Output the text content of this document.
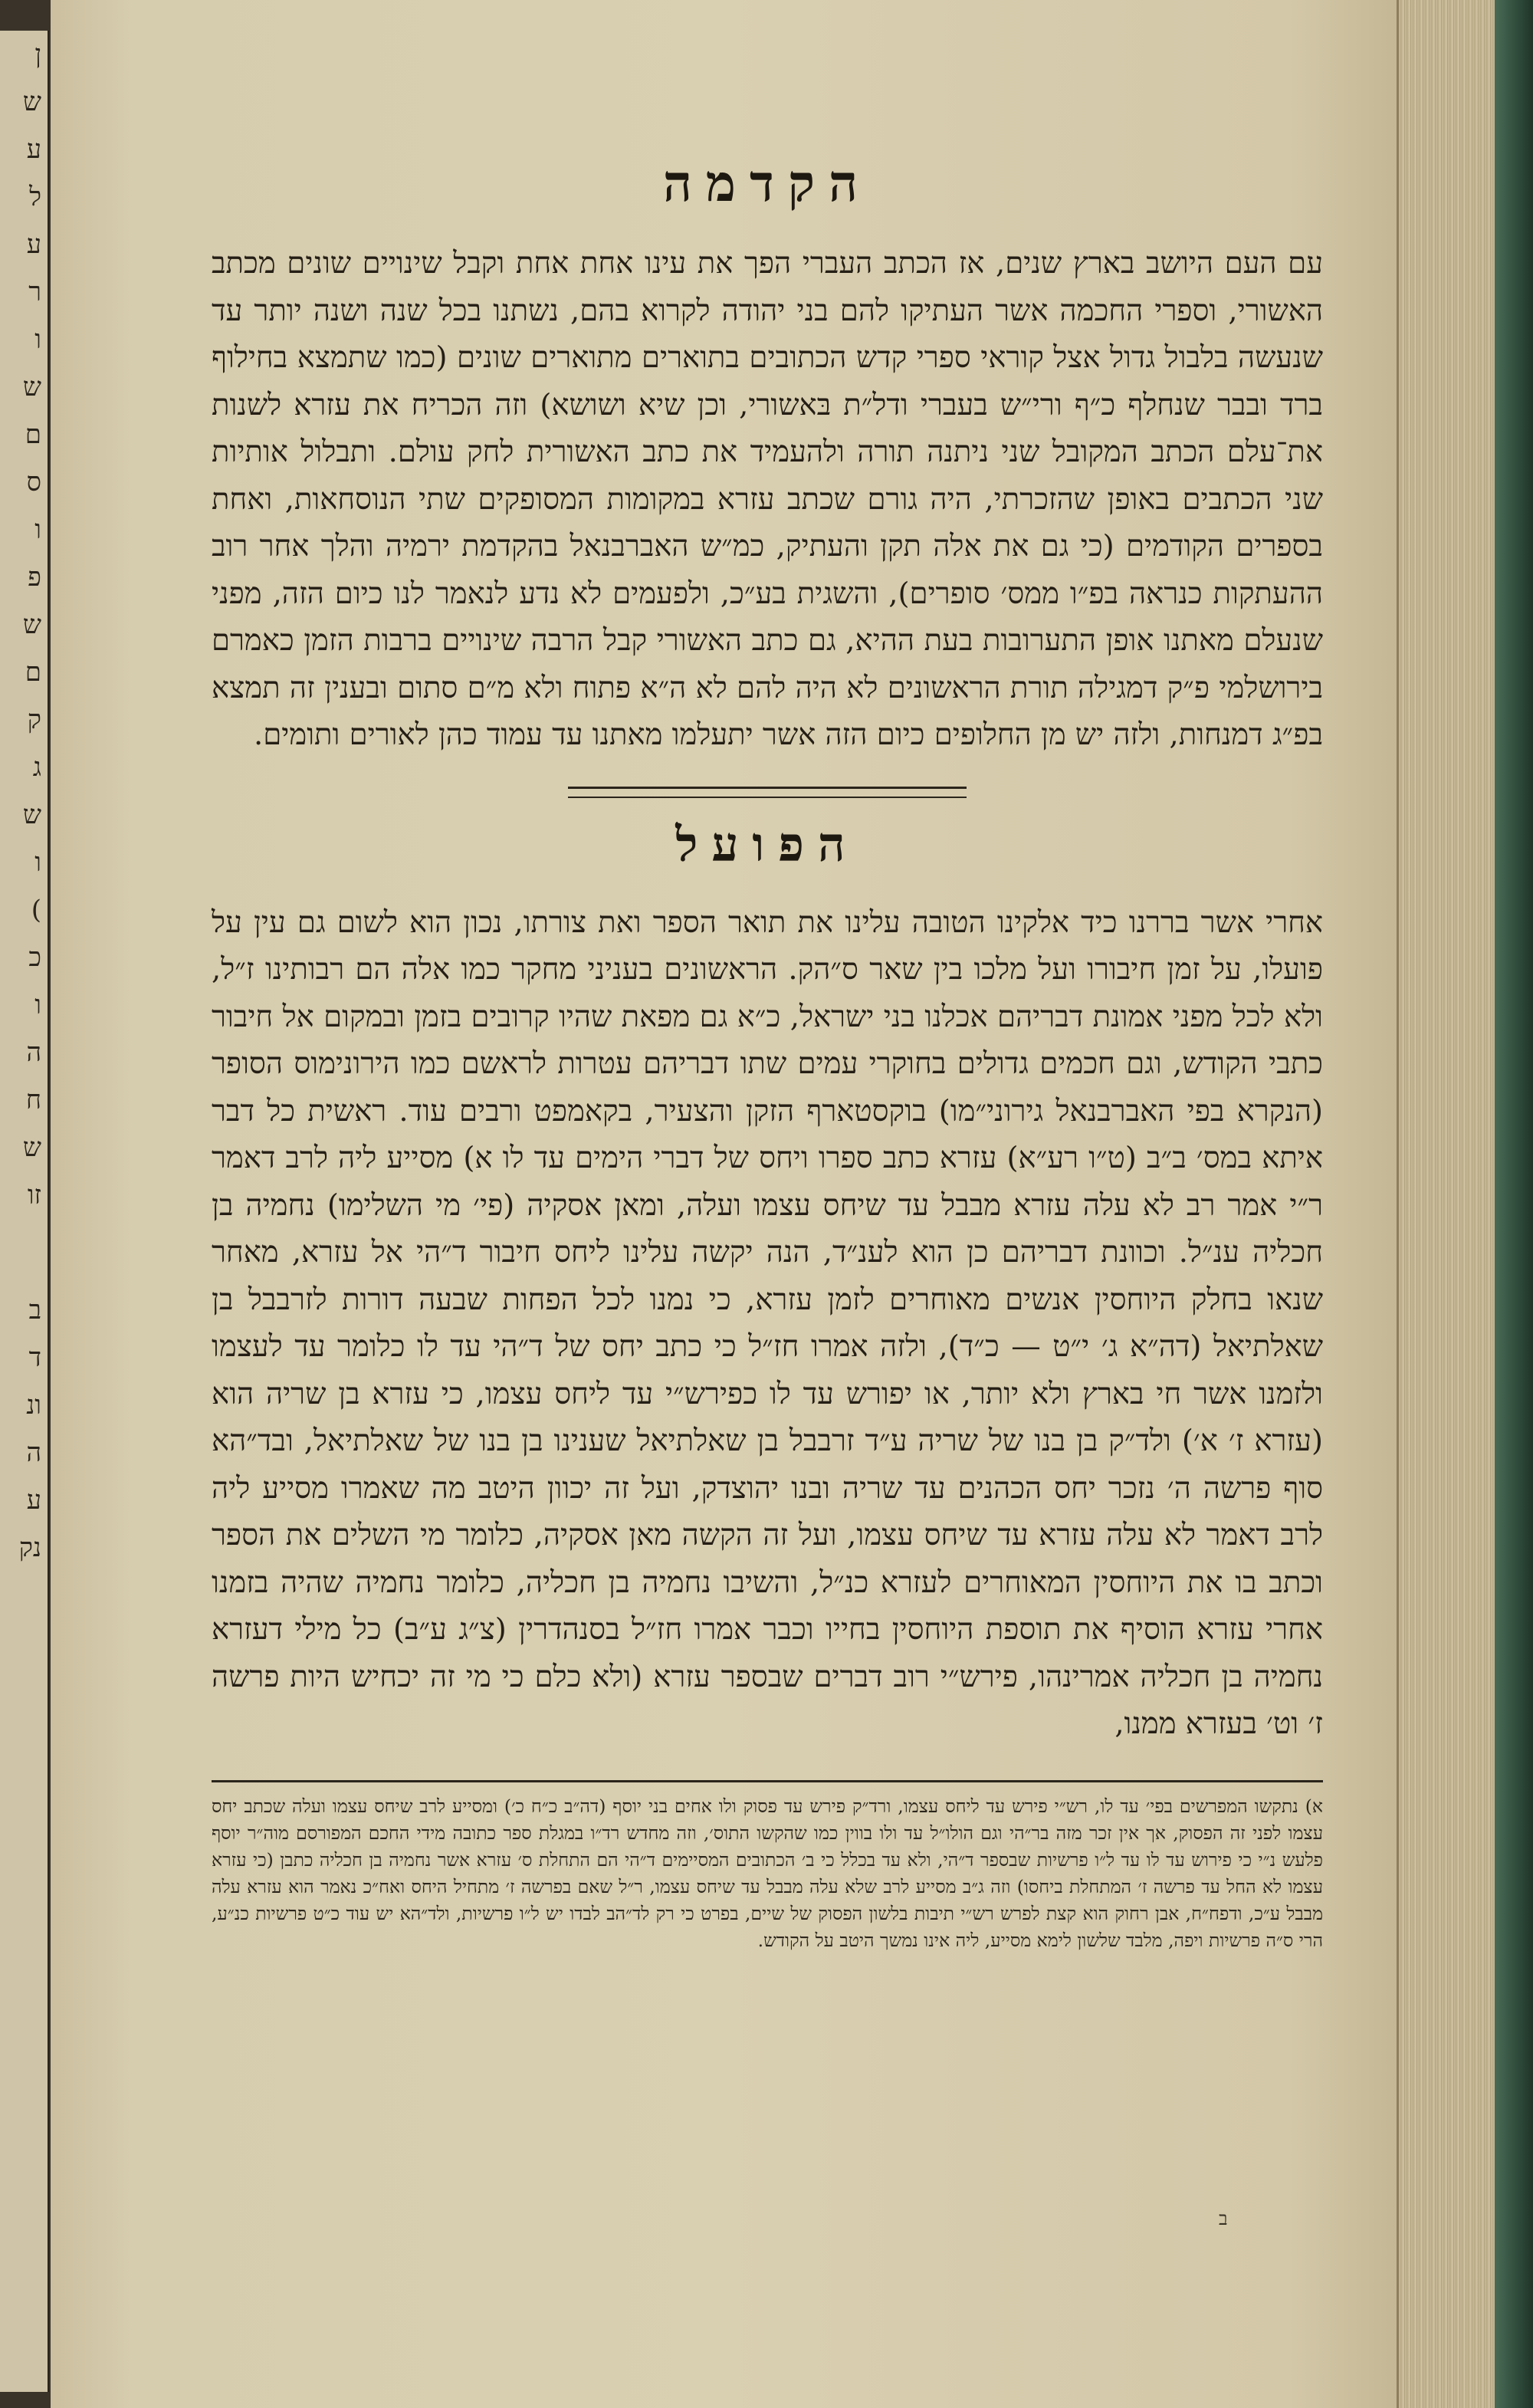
ן
ש
ע
ל
ע
ר
ו
ש
ם
ס
ו
פ
ש
ם
ק
ג
ש
ו
(
כ
ו
ה
ח
ש
זו
ב
ד
ונ
ה
ע
נק
הקדמה

עם העם היושב בארץ שנים, אז הכתב העברי הפך את עינו אחת אחת וקבל שינויים שונים מכתב האשורי, וספרי החכמה אשר העתיקו להם בני יהודה לקרוא בהם, נשתנו בכל שנה ושנה יותר עד שנעשה בלבול גדול אצל קוראי ספרי קדש הכתובים בתוארים מתוארים שונים (כמו שתמצא בחילוף ברד ובבר שנחלף כ״ף ורי״ש בעברי ודל״ת בּאשורי, וכן שיא ושושא) וזה הכריח את עזרא לשנות את־עלם הכתב המקובל שני ניתנה תורה ולהעמיד את כתב האשורית לחק עולם. ותבלול אותיות שני הכתבים באופן שהזכרתי, היה גורם שכתב עזרא במקומות המסופקים שתי הנוסחאות, ואחת בספרים הקודמים (כי גם את אלה תקן והעתיק, כמ״ש האברבנאל בהקדמת ירמיה והלך אחר רוב ההעתקות כנראה בפ״ו ממס׳ סופרים), והשגית בע״כ, ולפעמים לא נדע לנאמר לנו כיום הזה, מפני שנעלם מאתנו אופן התערובות בעת ההיא, גם כתב האשורי קבל הרבה שינויים ברבות הזמן כאמרם בירושלמי פ״ק דמגילה תורת הראשונים לא היה להם לא ה״א פתוח ולא מ״ם סתום ובענין זה תמצא בפ״ג דמנחות, ולזה יש מן החלופים כיום הזה אשר יתעלמו מאתנו עד עמוד כהן לאורים ותומים.

הפועל

אחרי אשר בררנו כיד אלקינו הטובה עלינו את תואר הספר ואת צורתו, נכון הוא לשום גם עין על פועלו, על זמן חיבורו ועל מלכו בין שאר ס״הק. הראשונים בעניני מחקר כמו אלה הם רבותינו ז״ל, ולא לכל מפני אמונת דבריהם אכלנו בני ישראל, כ״א גם מפאת שהיו קרובים בזמן ובמקום אל חיבור כתבי הקודש, וגם חכמים גדולים בחוקרי עמים שתו דבריהם עטרות לראשם כמו הירונימוס הסופר (הנקרא בפי האברבנאל גירוני״מו) בוקסטארף הזקן והצעיר, בקאמפט ורבים עוד. ראשית כל דבר איתא במס׳ ב״ב (ט״ו רע״א) עזרא כתב ספרו ויחס של דברי הימים עד לו א) מסייע ליה לרב דאמר ר״י אמר רב לא עלה עזרא מבבל עד שיחס עצמו ועלה, ומאן אסקיה (פי׳ מי השלימו) נחמיה בן חכליה ענ״ל. וכוונת דבריהם כן הוא לענ״ד, הנה יקשה עלינו ליחס חיבור ד״הי אל עזרא, מאחר שנאו בחלק היוחסין אנשים מאוחרים לזמן עזרא, כי נמנו לכל הפחות שבעה דורות לזרבבל בן שאלתיאל (דה״א ג׳ י״ט — כ״ד), ולזה אמרו חז״ל כי כתב יחס של ד״הי עד לו כלומר עד לעצמו ולזמנו אשר חי בארץ ולא יותר, או יפורש עד לו כפירש״י עד ליחס עצמו, כי עזרא בן שריה הוא (עזרא ז׳ א׳) ולד״ק בן בנו של שריה ע״ד זרבבל בן שאלתיאל שענינו בן בנו של שאלתיאל, ובד״הא סוף פרשה ה׳ נזכר יחס הכהנים עד שריה ובנו יהוצדק, ועל זה יכוון היטב מה שאמרו מסייע ליה לרב דאמר לא עלה עזרא עד שיחס עצמו, ועל זה הקשה מאן אסקיה, כלומר מי השלים את הספר וכתב בו את היוחסין המאוחרים לעזרא כנ״ל, והשיבו נחמיה בן חכליה, כלומר נחמיה שהיה בזמנו אחרי עזרא הוסיף את תוספת היוחסין בחייו וכבר אמרו חז״ל בסנהדרין (צ״ג ע״ב) כל מילי דעזרא נחמיה בן חכליה אמרינהו, פירש״י רוב דברים שבספר עזרא (ולא כלם כי מי זה יכחיש היות פרשה ז׳ וט׳ בעזרא ממנו,

א) נתקשו המפרשים בפי׳ עד לו, רש״י פירש עד ליחס עצמו, ורד״ק פירש עד פסוק ולו אחים בני יוסף (דה״ב כ״ח כ׳) ומסייע לרב שיחס עצמו ועלה שכתב יחס עצמו לפני זה הפסוק, אך אין זכר מזה בר״הי וגם הולו״ל עד ולו בווין כמו שהקשו התוס׳, וזה מחדש רד״ו במגלת ספר כתובה מידי החכם המפורסם מוה״ר יוסף פלעש נ״י כי פירוש עד לו עד ל״ו פרשיות שבספר ד״הי, ולא עד בכלל כי ב׳ הכתובים המסיימים ד״הי הם התחלת ס׳ עזרא אשר נחמיה בן חכליה כתבן (כי עזרא עצמו לא החל עד פרשה ז׳ המתחלת ביחסו) וזה ג״ב מסייע לרב שלא עלה מבבל עד שיחס עצמו, ר״ל שאם בפרשה ז׳ מתחיל היחס ואח״כ נאמר הוא עזרא עלה מבבל ע״כ, ודפח״ח, אבן רחוק הוא קצת לפרש רש״י תיבות בלשון הפסוק של שיים, בפרט כי רק לד״הב לבדו יש ל״ו פרשיות, ולד״הא יש עוד כ״ט פרשיות כנ״ע, הרי ס״ה פרשיות ויפה, מלבד שלשון לימא מסייע, ליה אינו נמשך היטב על הקודש.

ב
